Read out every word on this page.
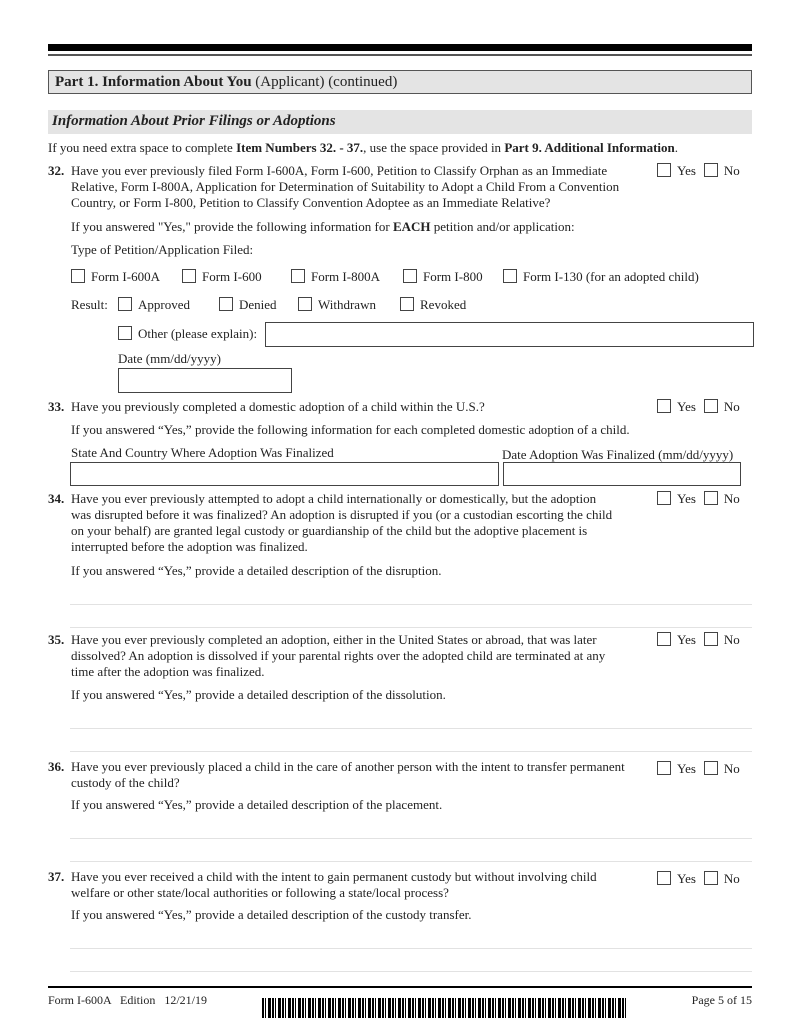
Part 1. Information About You (Applicant) (continued)
Information About Prior Filings or Adoptions
If you need extra space to complete Item Numbers 32. - 37., use the space provided in Part 9. Additional Information.
32. Have you ever previously filed Form I-600A, Form I-600, Petition to Classify Orphan as an Immediate
Relative, Form I-800A, Application for Determination of Suitability to Adopt a Child From a Convention
Country, or Form I-800, Petition to Classify Convention Adoptee as an Immediate Relative?
Yes No
If you answered "Yes," provide the following information for EACH petition and/or application:
Type of Petition/Application Filed:
Form I-600A	Form I-600	Form I-800A	Form I-800	Form I-130 (for an adopted child)
Result:	Approved	Denied	Withdrawn	Revoked
Other (please explain):
Date (mm/dd/yyyy)
33. Have you previously completed a domestic adoption of a child within the U.S.?	Yes No
If you answered “Yes,” provide the following information for each completed domestic adoption of a child.
State And Country Where Adoption Was Finalized	Date Adoption Was Finalized (mm/dd/yyyy)
34. Have you ever previously attempted to adopt a child internationally or domestically, but the adoption
was disrupted before it was finalized? An adoption is disrupted if you (or a custodian escorting the child
on your behalf) are granted legal custody or guardianship of the child but the adoptive placement is
interrupted before the adoption was finalized.
Yes No
If you answered “Yes,” provide a detailed description of the disruption.
35. Have you ever previously completed an adoption, either in the United States or abroad, that was later
dissolved? An adoption is dissolved if your parental rights over the adopted child are terminated at any
time after the adoption was finalized.
Yes No
If you answered “Yes,” provide a detailed description of the dissolution.
36. Have you ever previously placed a child in the care of another person with the intent to transfer permanent
custody of the child?
Yes No
If you answered “Yes,” provide a detailed description of the placement.
37. Have you ever received a child with the intent to gain permanent custody but without involving child
welfare or other state/local authorities or following a state/local process?
Yes No
If you answered “Yes,” provide a detailed description of the custody transfer.
Form I-600A   Edition   12/21/19	Page 5 of 15
